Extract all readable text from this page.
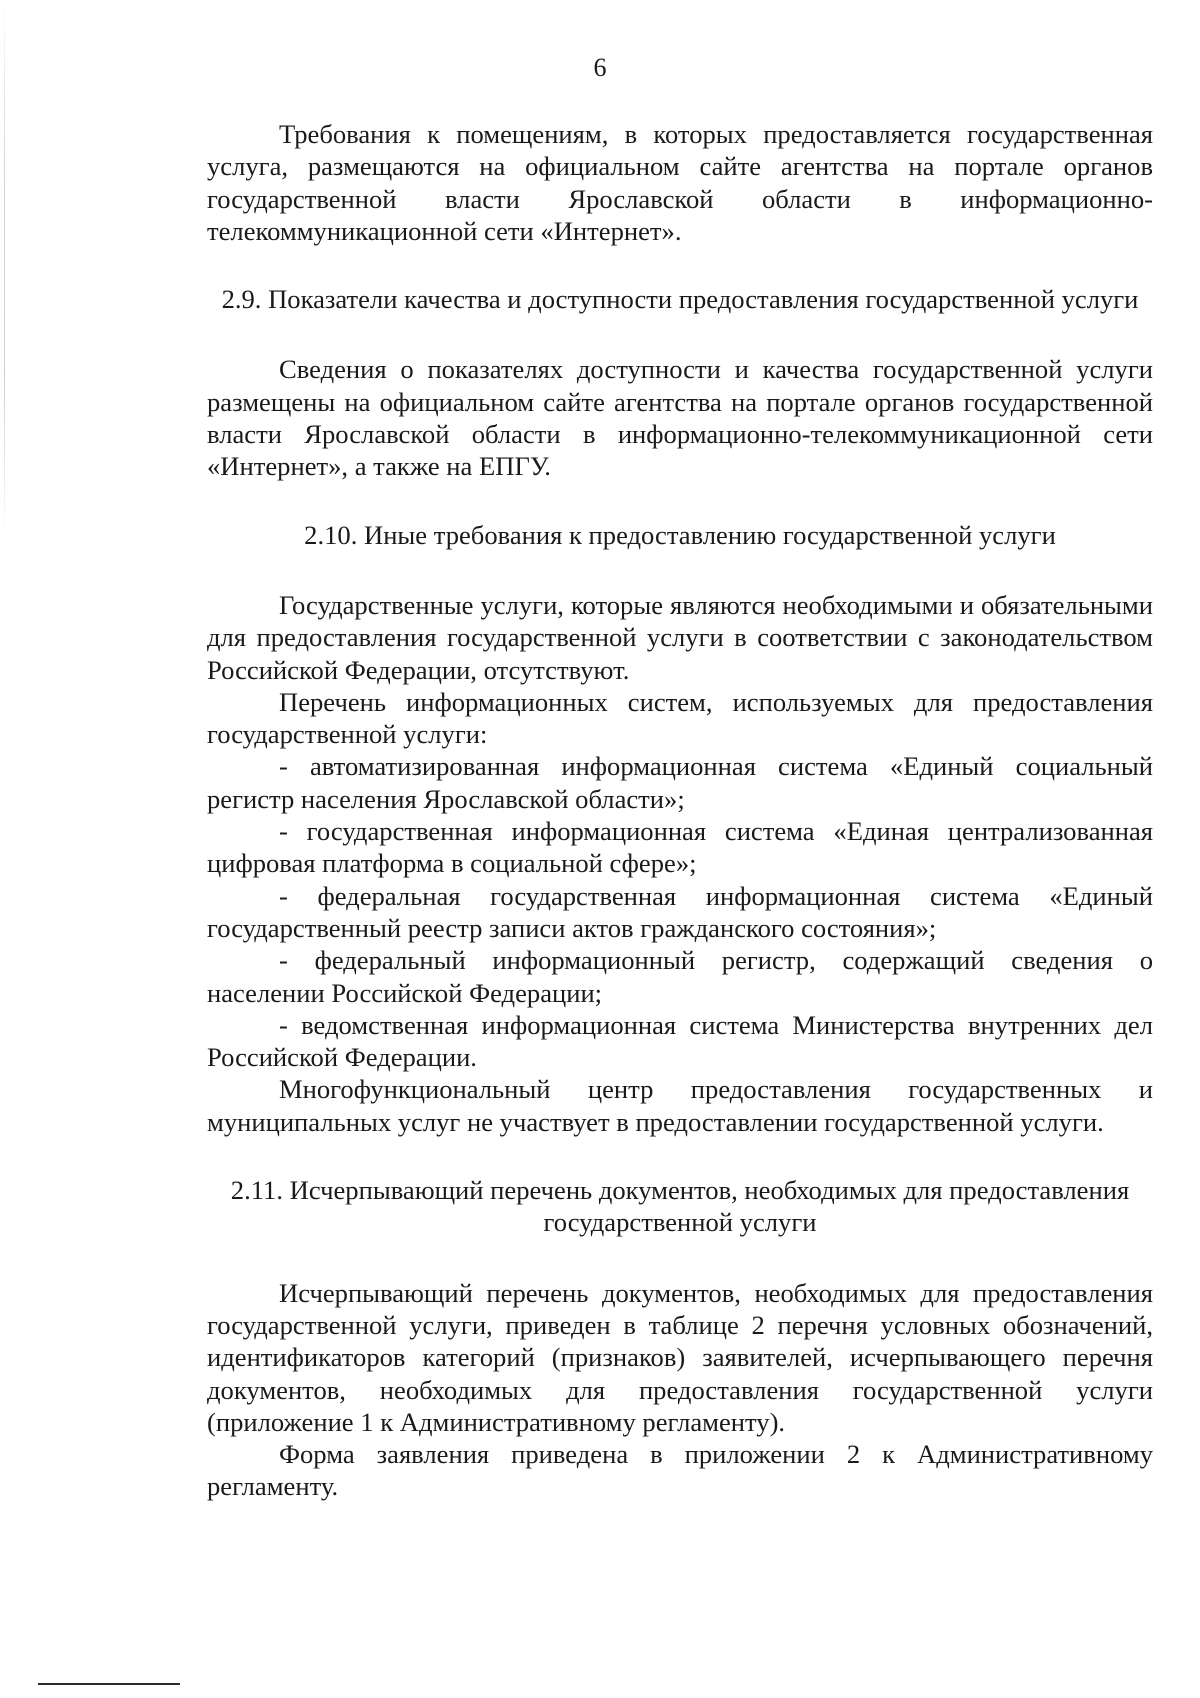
6

Требования к помещениям, в которых предоставляется государственная услуга, размещаются на официальном сайте агентства на портале органов государственной власти Ярославской области в информационно-телекоммуникационной сети «Интернет».

2.9. Показатели качества и доступности предоставления государственной услуги

Сведения о показателях доступности и качества государственной услуги размещены на официальном сайте агентства на портале органов государственной власти Ярославской области в информационно-телекоммуникационной сети «Интернет», а также на ЕПГУ.

2.10. Иные требования к предоставлению государственной услуги

Государственные услуги, которые являются необходимыми и обязательными для предоставления государственной услуги в соответствии с законодательством Российской Федерации, отсутствуют.

Перечень информационных систем, используемых для предоставления государственной услуги:

- автоматизированная информационная система «Единый социальный регистр населения Ярославской области»;

- государственная информационная система «Единая централизованная цифровая платформа в социальной сфере»;

- федеральная государственная информационная система «Единый государственный реестр записи актов гражданского состояния»;

- федеральный информационный регистр, содержащий сведения о населении Российской Федерации;

- ведомственная информационная система Министерства внутренних дел Российской Федерации.

Многофункциональный центр предоставления государственных и муниципальных услуг не участвует в предоставлении государственной услуги.

2.11. Исчерпывающий перечень документов, необходимых для предоставления государственной услуги

Исчерпывающий перечень документов, необходимых для предоставления государственной услуги, приведен в таблице 2 перечня условных обозначений, идентификаторов категорий (признаков) заявителей, исчерпывающего перечня документов, необходимых для предоставления государственной услуги (приложение 1 к Административному регламенту).

Форма заявления приведена в приложении 2 к Административному регламенту.
